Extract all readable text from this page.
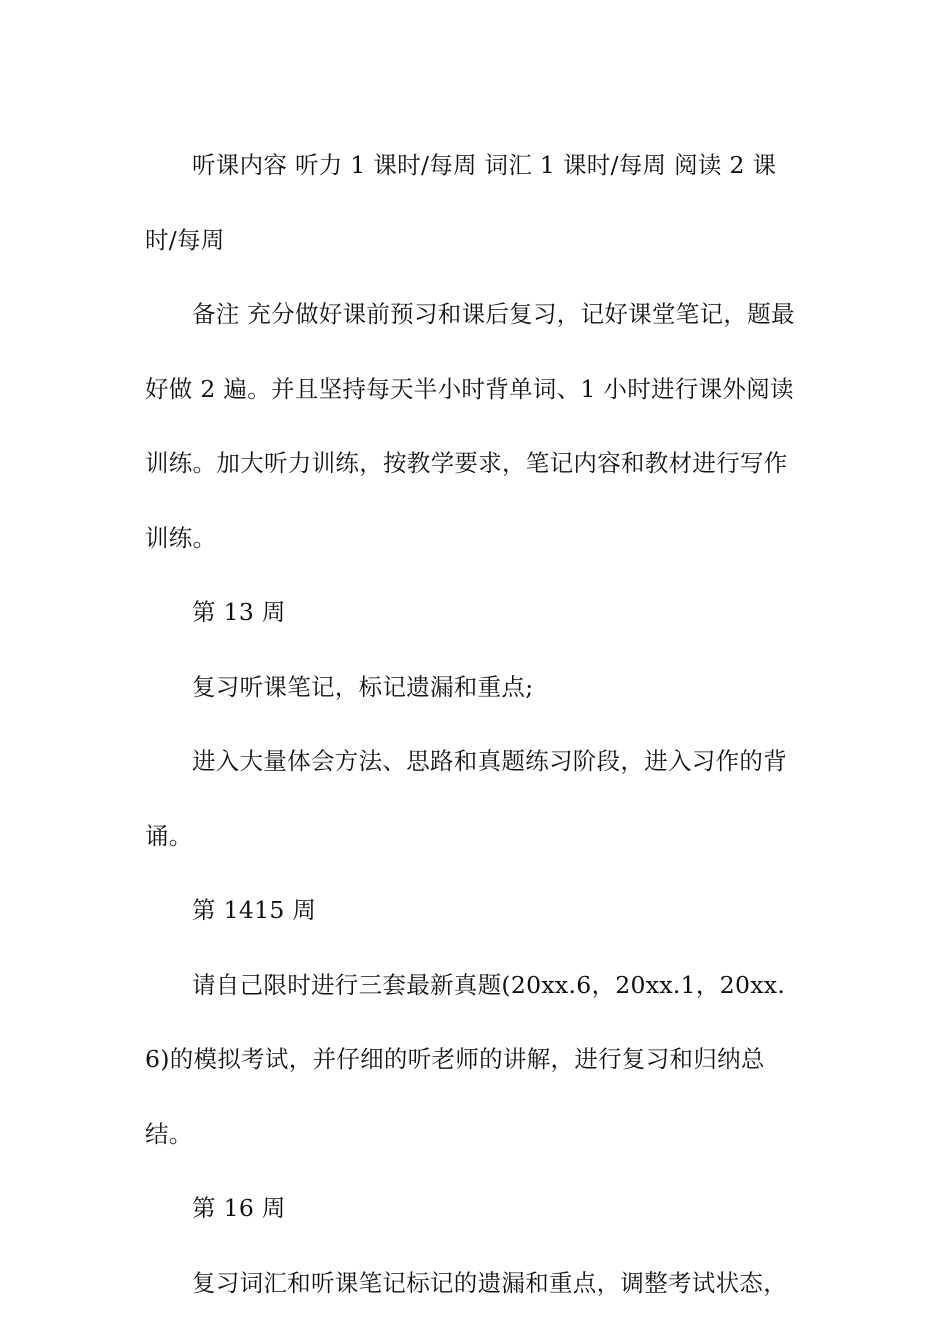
听课内容 听力 1 课时/每周 词汇 1 课时/每周 阅读 2 课时/每周

备注 充分做好课前预习和课后复习，记好课堂笔记，题最好做 2 遍。并且坚持每天半小时背单词、1 小时进行课外阅读训练。加大听力训练，按教学要求，笔记内容和教材进行写作训练。

第 13 周

复习听课笔记，标记遗漏和重点;

进入大量体会方法、思路和真题练习阶段，进入习作的背诵。

第 1415 周

请自己限时进行三套最新真题(20xx.6，20xx.1，20xx.6)的模拟考试，并仔细的听老师的讲解，进行复习和归纳总结。

第 16 周

复习词汇和听课笔记标记的遗漏和重点，调整考试状态，
